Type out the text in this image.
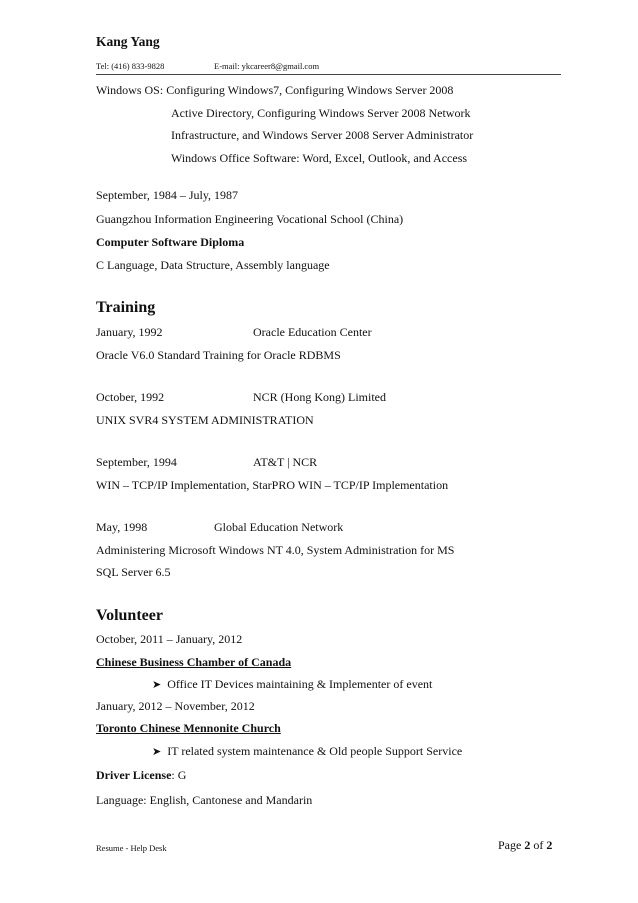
Kang Yang
Tel: (416) 833-9828	E-mail: ykcareer8@gmail.com
Windows OS: Configuring Windows7, Configuring Windows Server 2008
Active Directory, Configuring Windows Server 2008 Network
Infrastructure, and Windows Server 2008 Server Administrator
Windows Office Software: Word, Excel, Outlook, and Access
September, 1984 – July, 1987
Guangzhou Information Engineering Vocational School (China)
Computer Software Diploma
C Language, Data Structure, Assembly language
Training
January, 1992	Oracle Education Center
Oracle V6.0 Standard Training for Oracle RDBMS
October, 1992	NCR (Hong Kong) Limited
UNIX SVR4 SYSTEM ADMINISTRATION
September, 1994	AT&T | NCR
WIN – TCP/IP Implementation, StarPRO WIN – TCP/IP Implementation
May, 1998	Global Education Network
Administering Microsoft Windows NT 4.0, System Administration for MS
SQL Server 6.5
Volunteer
October, 2011 – January, 2012
Chinese Business Chamber of Canada
➤ Office IT Devices maintaining & Implementer of event
January, 2012 – November, 2012
Toronto Chinese Mennonite Church
➤ IT related system maintenance & Old people Support Service
Driver License: G
Language: English, Cantonese and Mandarin
Resume - Help Desk	Page 2 of 2
